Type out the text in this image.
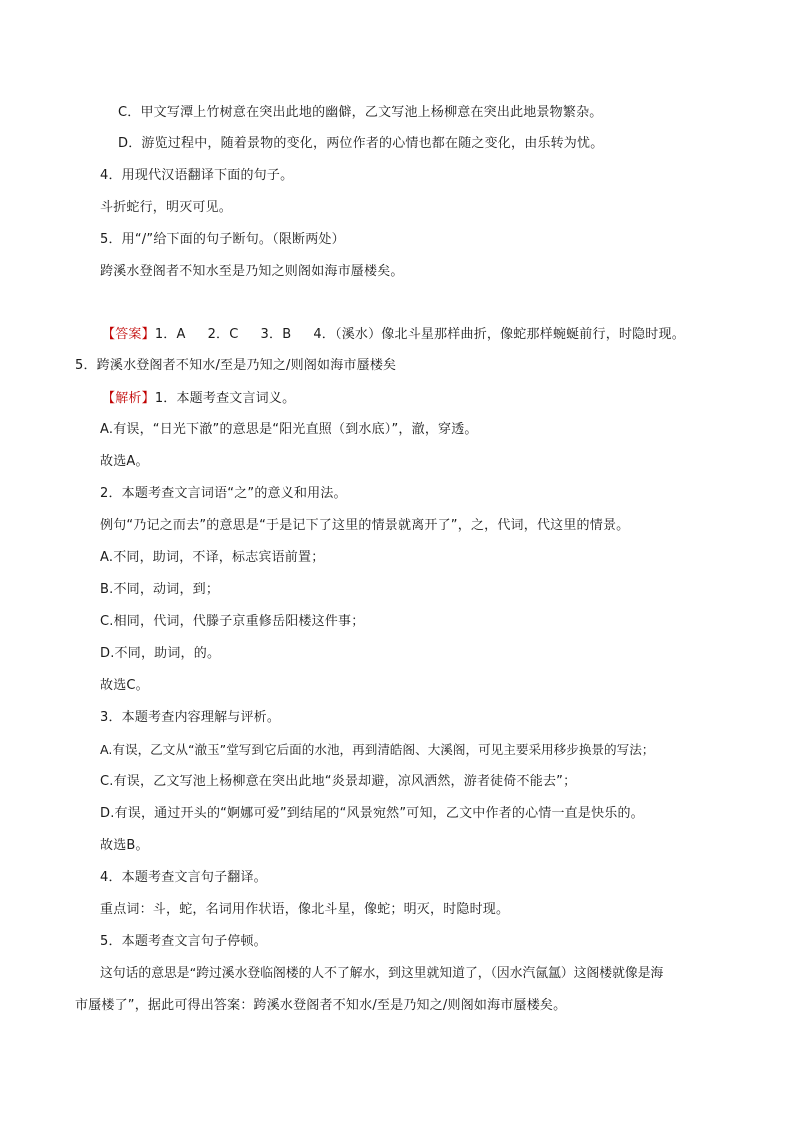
C．甲文写潭上竹树意在突出此地的幽僻，乙文写池上杨柳意在突出此地景物繁杂。
D．游览过程中，随着景物的变化，两位作者的心情也都在随之变化，由乐转为忧。
4．用现代汉语翻译下面的句子。
斗折蛇行，明灭可见。
5．用“/”给下面的句子断句。（限断两处）
跨溪水登阁者不知水至是乃知之则阁如海市蜃楼矣。
【答案】1．A 2．C 3．B 4．（溪水）像北斗星那样曲折，像蛇那样蜿蜒前行，时隐时现。
5．跨溪水登阁者不知水/至是乃知之/则阁如海市蜃楼矣
【解析】1．本题考查文言词义。
A.有误，“日光下澈”的意思是“阳光直照（到水底）”，澈，穿透。
故选A。
2．本题考查文言词语“之”的意义和用法。
例句“乃记之而去”的意思是“于是记下了这里的情景就离开了”，之，代词，代这里的情景。
A.不同，助词，不译，标志宾语前置；
B.不同，动词，到；
C.相同，代词，代滕子京重修岳阳楼这件事；
D.不同，助词，的。
故选C。
3．本题考查内容理解与评析。
A.有误，乙文从“澈玉”堂写到它后面的水池，再到清皓阁、大溪阁，可见主要采用移步换景的写法；
C.有误，乙文写池上杨柳意在突出此地“炎景却避，凉风洒然，游者徒倚不能去”；
D.有误，通过开头的“婀娜可爱”到结尾的“风景宛然”可知，乙文中作者的心情一直是快乐的。
故选B。
4．本题考查文言句子翻译。
重点词：斗，蛇，名词用作状语，像北斗星，像蛇；明灭，时隐时现。
5．本题考查文言句子停顿。
这句话的意思是“跨过溪水登临阁楼的人不了解水，到这里就知道了，（因水汽氤氲）这阁楼就像是海
市蜃楼了”，据此可得出答案：跨溪水登阁者不知水/至是乃知之/则阁如海市蜃楼矣。
